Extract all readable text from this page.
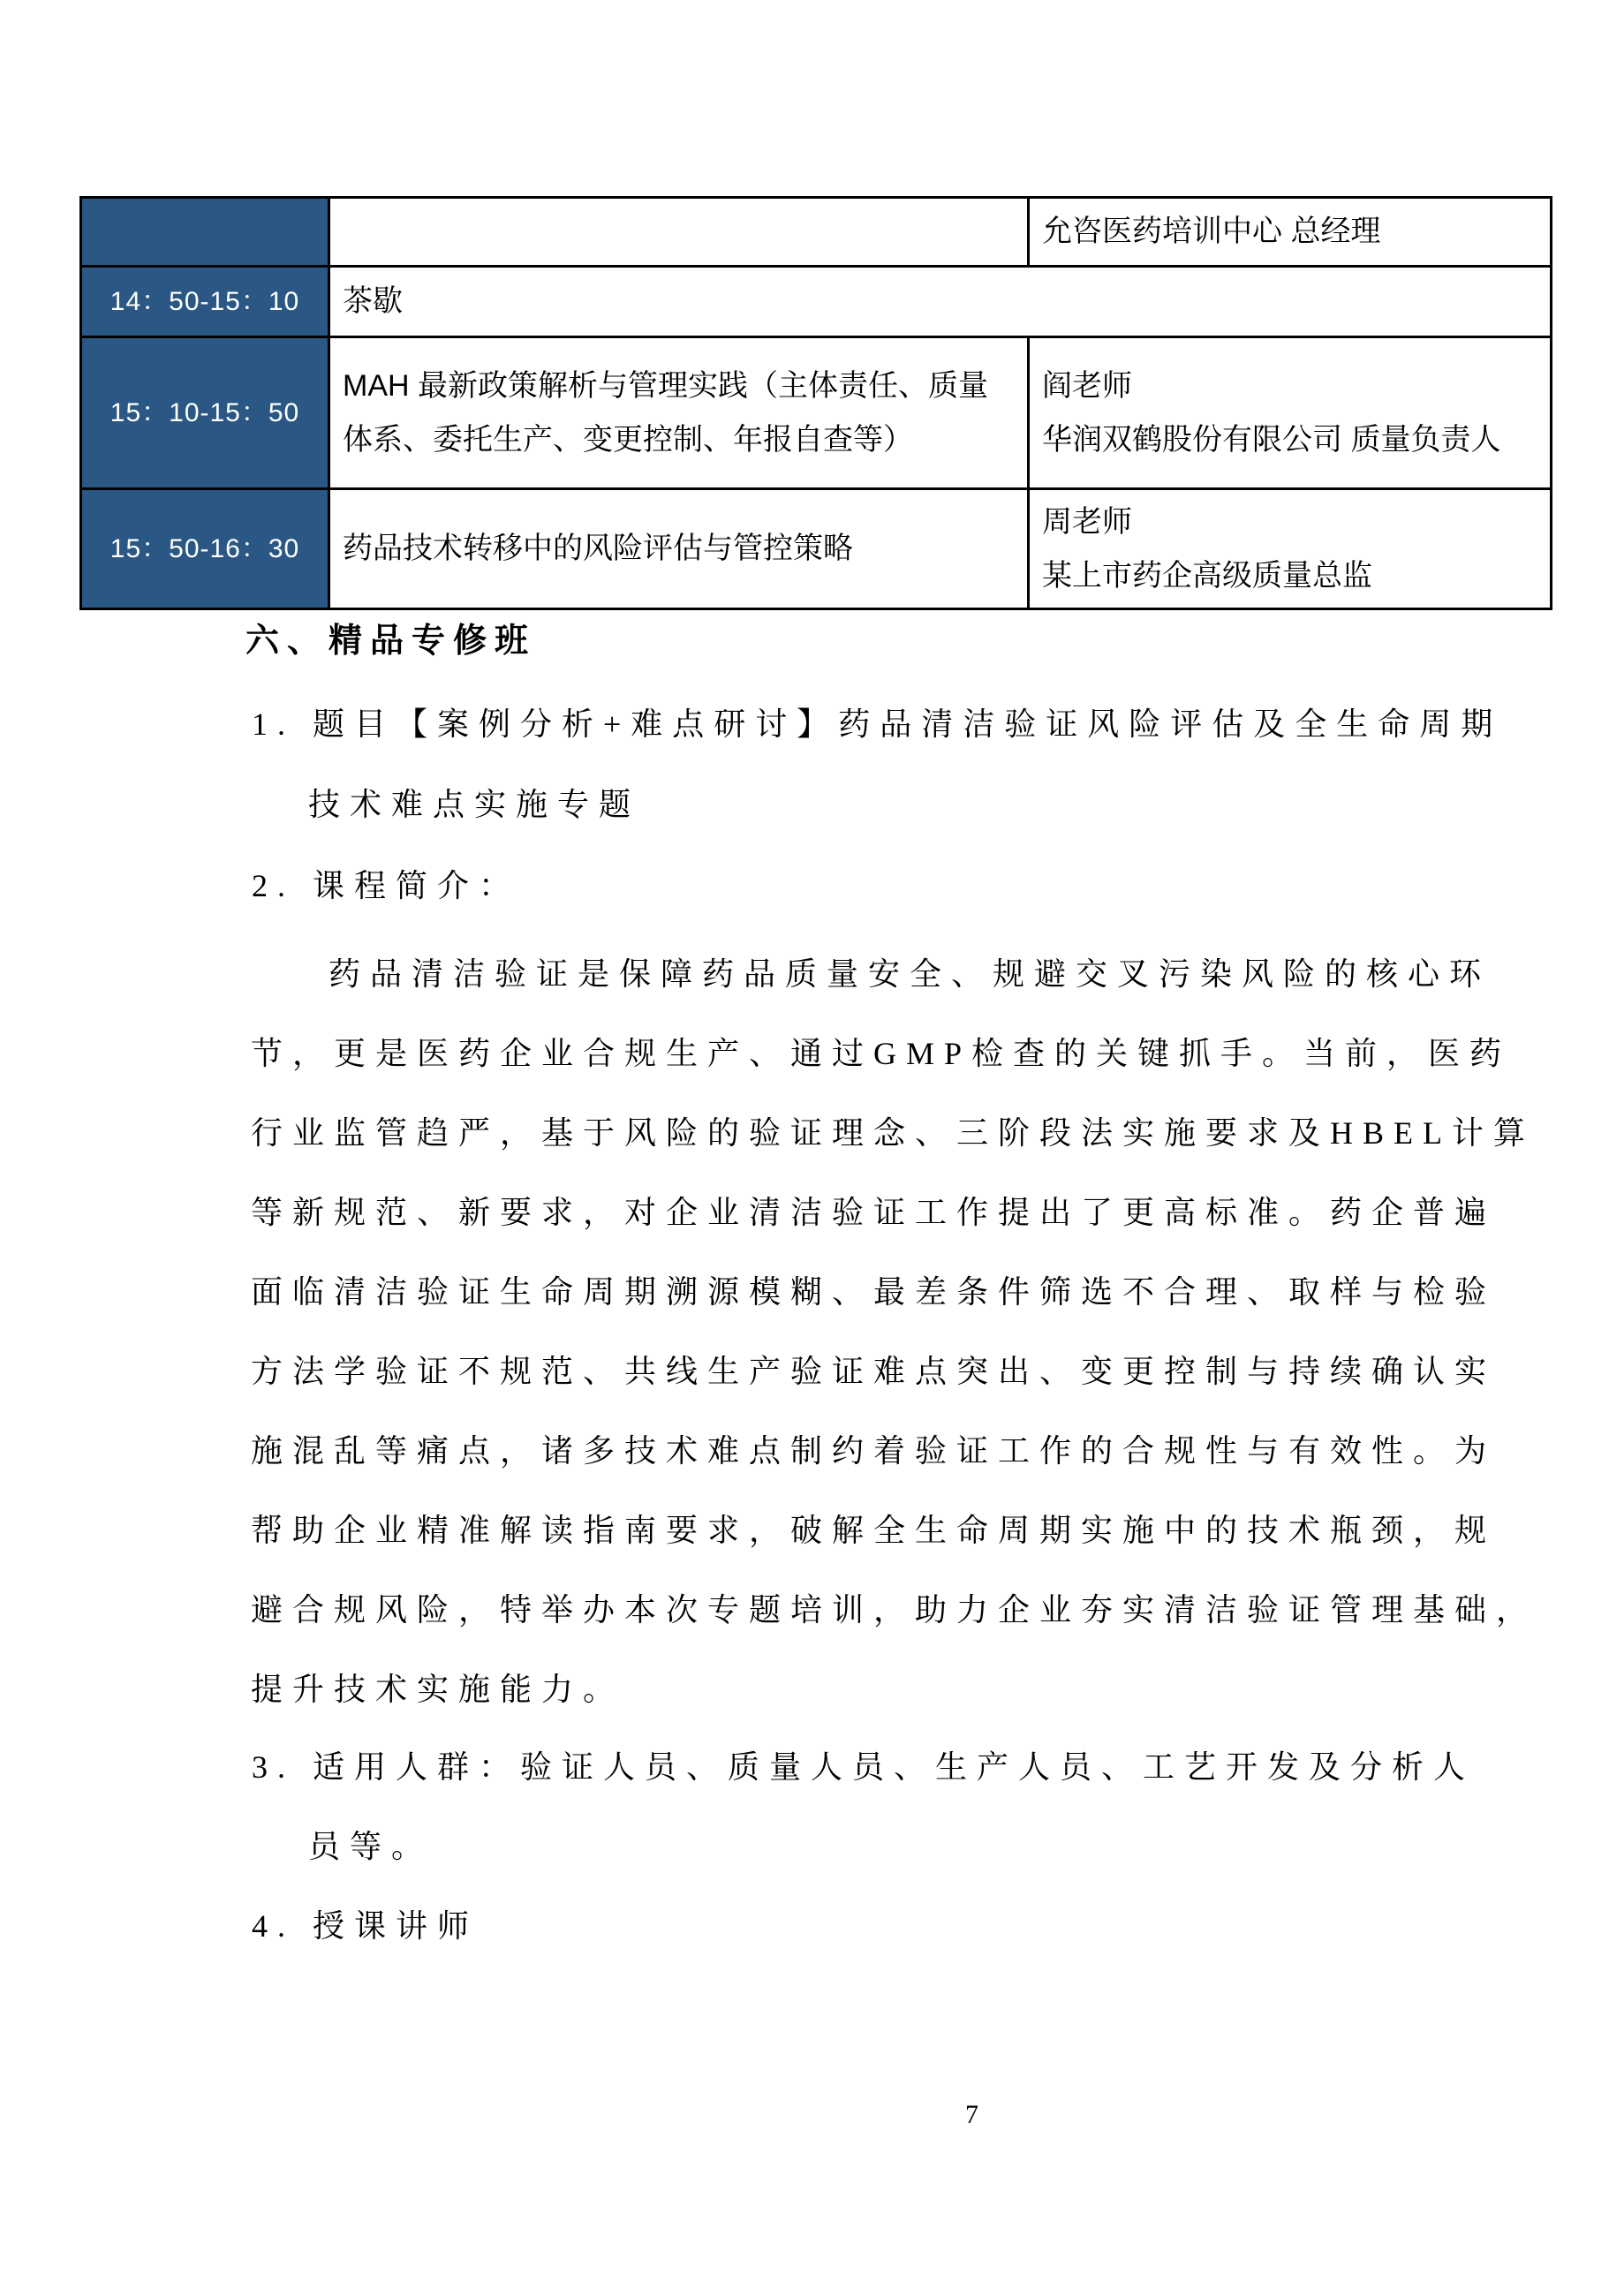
		允咨医药培训中心 总经理

14：50-15：10	茶歇	
15：10-15：50	MAH 最新政策解析与管理实践（主体责任、质量体系、委托生产、变更控制、年报自查等）	阎老师
华润双鹤股份有限公司 质量负责人

15：50-16：30	药品技术转移中的风险评估与管控策略	周老师
某上市药企高级质量总监
六、精品专修班
1. 题目【案例分析+难点研讨】药品清洁验证风险评估及全生命周期
技术难点实施专题
2. 课程简介：
药品清洁验证是保障药品质量安全、规避交叉污染风险的核心环
节，更是医药企业合规生产、通过GMP检查的关键抓手。当前，医药
行业监管趋严，基于风险的验证理念、三阶段法实施要求及HBEL计算
等新规范、新要求，对企业清洁验证工作提出了更高标准。药企普遍
面临清洁验证生命周期溯源模糊、最差条件筛选不合理、取样与检验
方法学验证不规范、共线生产验证难点突出、变更控制与持续确认实
施混乱等痛点，诸多技术难点制约着验证工作的合规性与有效性。为
帮助企业精准解读指南要求，破解全生命周期实施中的技术瓶颈，规
避合规风险，特举办本次专题培训，助力企业夯实清洁验证管理基础，
提升技术实施能力。
3. 适用人群：验证人员、质量人员、生产人员、工艺开发及分析人
员等。
4. 授课讲师
7
